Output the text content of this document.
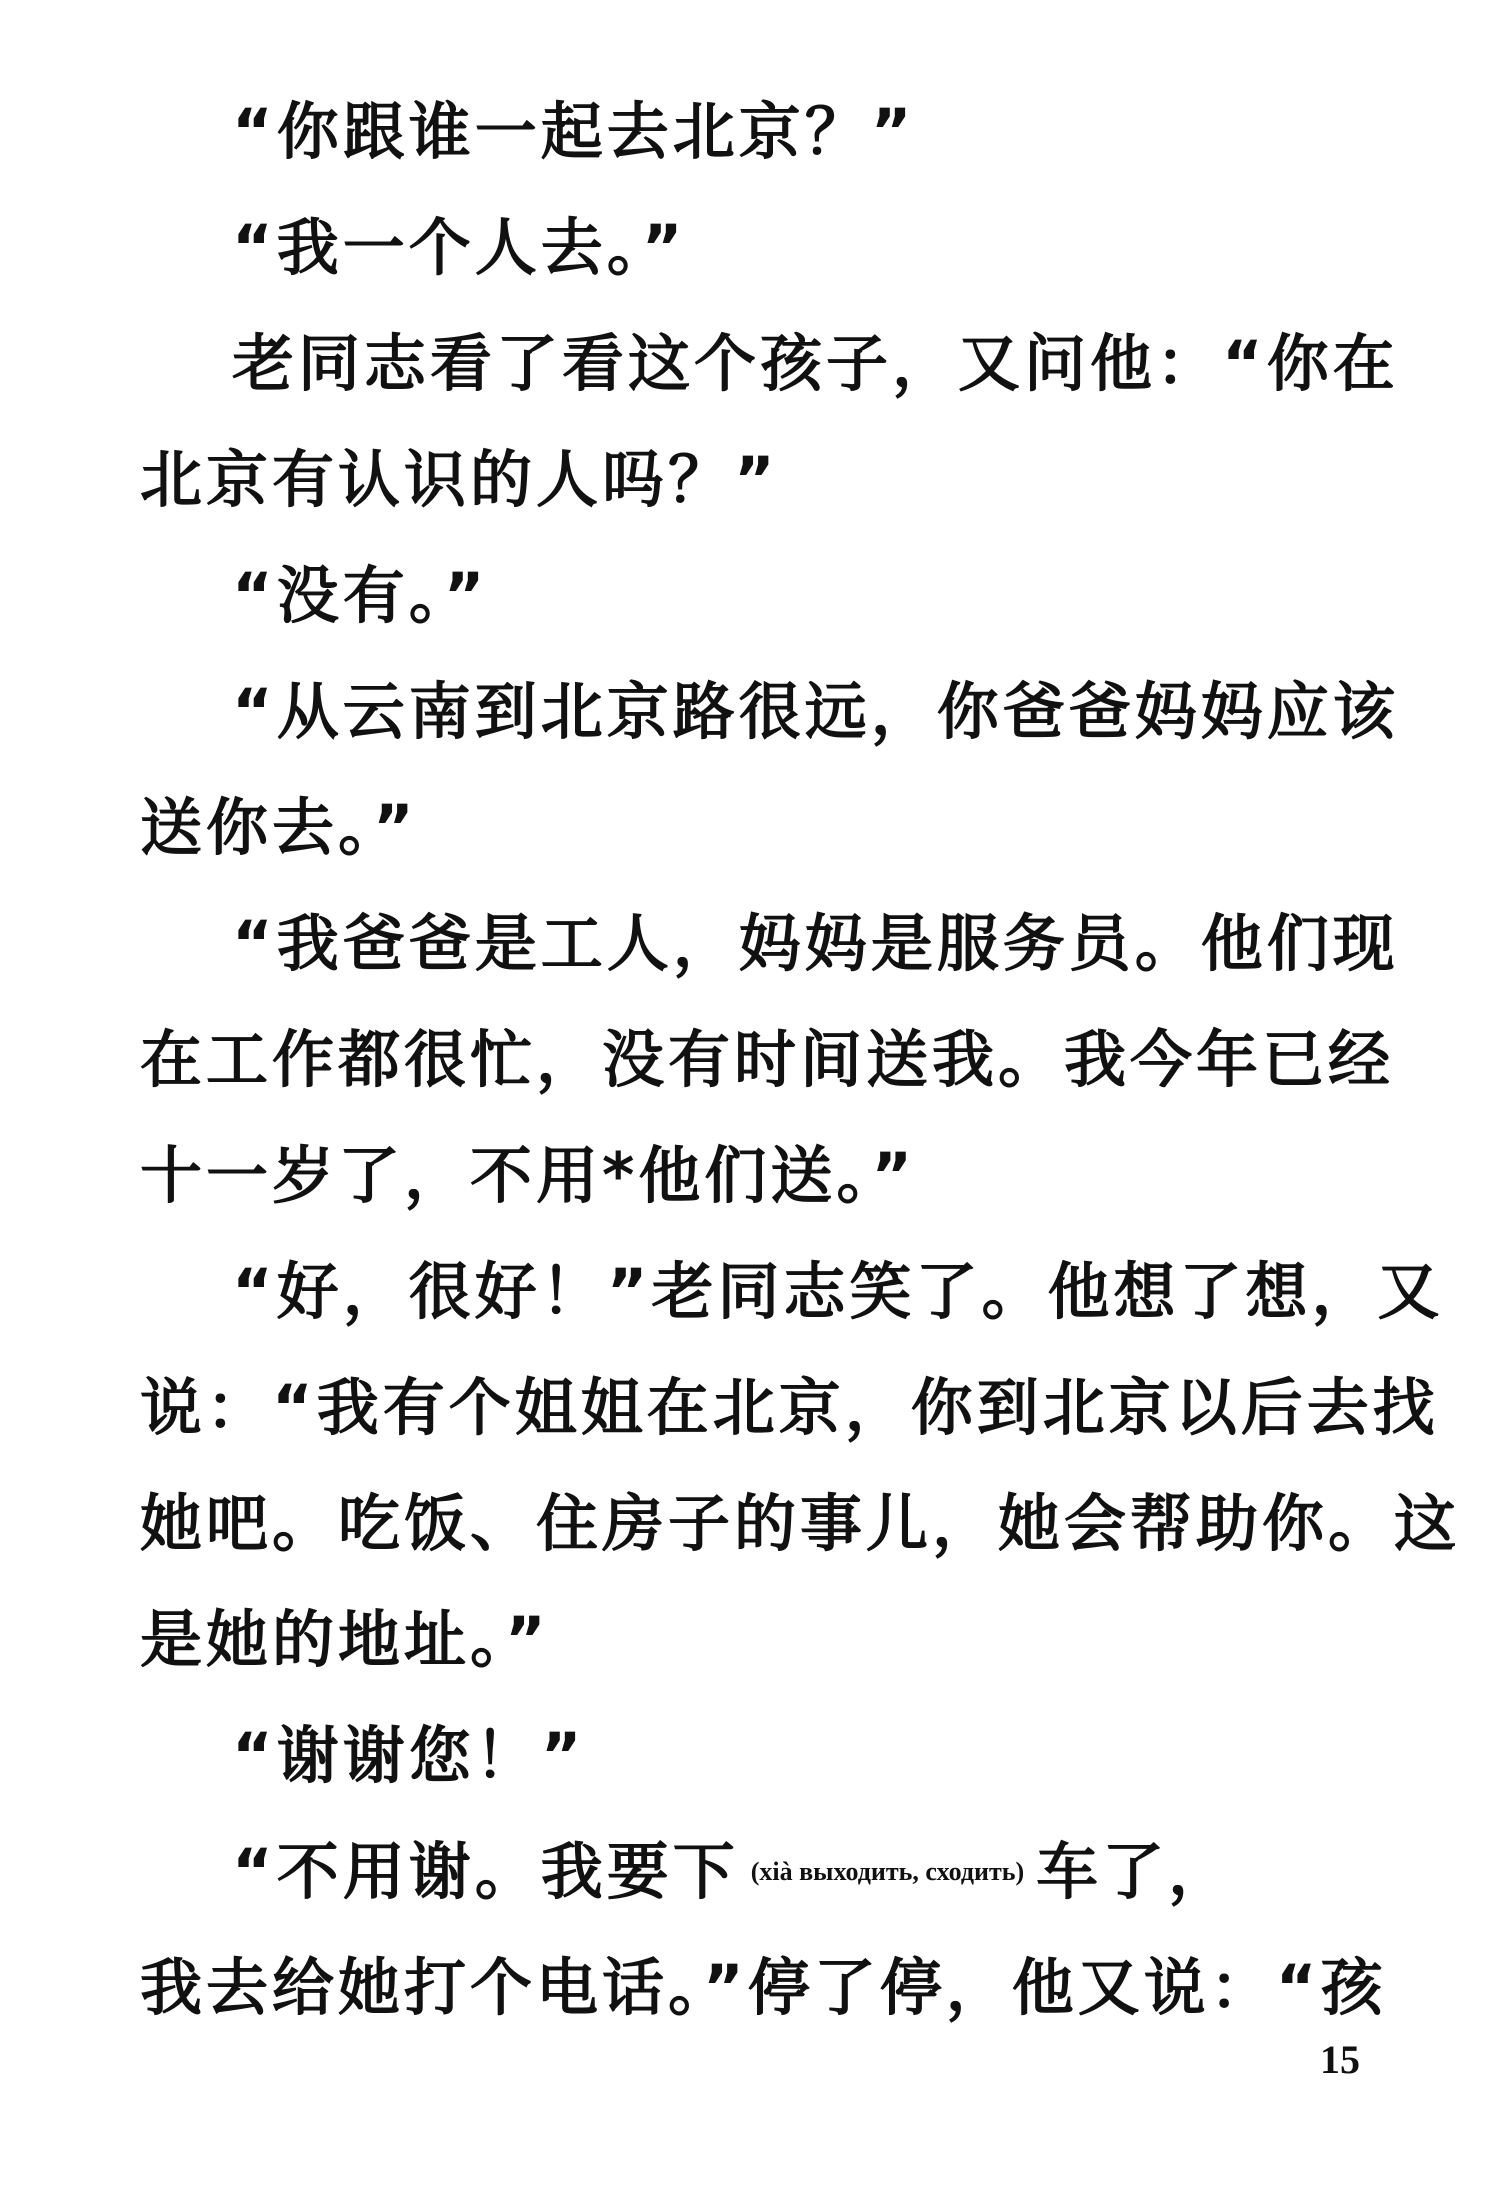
“你跟谁一起去北京？”
“我一个人去。”
老同志看了看这个孩子，又问他：“你在
北京有认识的人吗？”
“没有。”
“从云南到北京路很远，你爸爸妈妈应该
送你去。”
“我爸爸是工人，妈妈是服务员。他们现
在工作都很忙，没有时间送我。我今年已经
十一岁了，不用*他们送。”
“好，很好！”老同志笑了。他想了想，又
说：“我有个姐姐在北京，你到北京以后去找
她吧。吃饭、住房子的事儿，她会帮助你。这
是她的地址。”
“谢谢您！”
“不用谢。我要下 (xià выходить, сходить) 车了，
我去给她打个电话。”停了停，他又说：“孩
15
